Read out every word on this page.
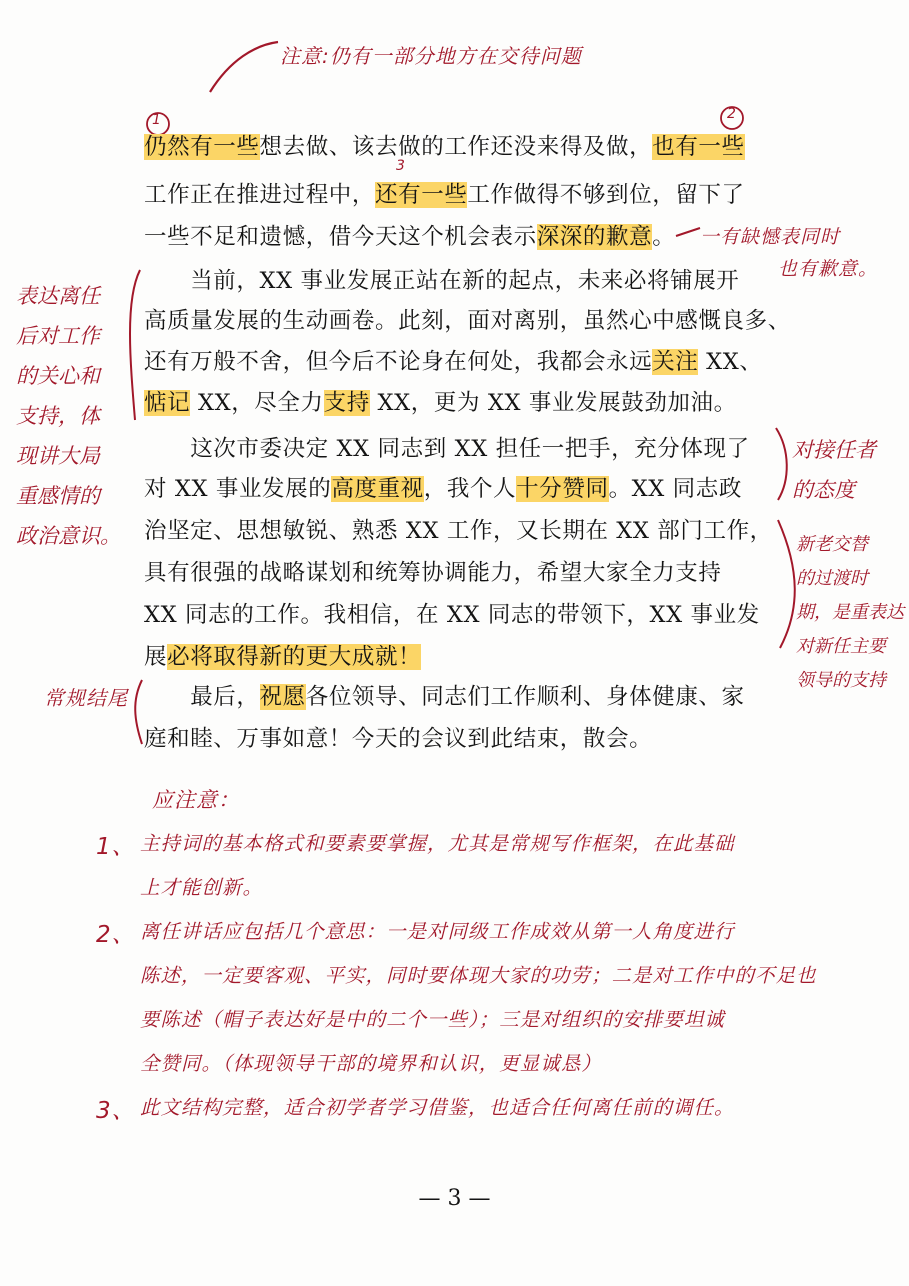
注意:仍有一部分地方在交待问题
1	2
3
仍然有一些想去做、该去做的工作还没来得及做，也有一些
工作正在推进过程中，还有一些工作做得不够到位，留下了
一些不足和遗憾，借今天这个机会表示深深的歉意。
　　当前，XX 事业发展正站在新的起点，未来必将铺展开
高质量发展的生动画卷。此刻，面对离别，虽然心中感慨良多、
还有万般不舍，但今后不论身在何处，我都会永远关注 XX、
惦记 XX，尽全力支持 XX，更为 XX 事业发展鼓劲加油。
　　这次市委决定 XX 同志到 XX 担任一把手，充分体现了
对 XX 事业发展的高度重视，我个人十分赞同。XX 同志政
治坚定、思想敏锐、熟悉 XX 工作，又长期在 XX 部门工作，
具有很强的战略谋划和统筹协调能力，希望大家全力支持
XX 同志的工作。我相信，在 XX 同志的带领下，XX 事业发
展必将取得新的更大成就！
　　最后，祝愿各位领导、同志们工作顺利、身体健康、家
庭和睦、万事如意！今天的会议到此结束，散会。
一有缺憾表同时
也有歉意。
表达离任
后对工作
的关心和
支持，体
现讲大局
重感情的
政治意识。
对接任者
的态度
新老交替
的过渡时
期，是重表达
对新任主要
领导的支持
常规结尾
应注意：
1、 主持词的基本格式和要素要掌握，尤其是常规写作框架，在此基础
上才能创新。
2、 离任讲话应包括几个意思：一是对同级工作成效从第一人角度进行
陈述，一定要客观、平实，同时要体现大家的功劳；二是对工作中的不足也
要陈述（帽子表达好是中的二个一些）；三是对组织的安排要坦诚
全赞同。（体现领导干部的境界和认识，更显诚恳）
3、 此文结构完整，适合初学者学习借鉴，也适合任何离任前的调任。
— 3 —
